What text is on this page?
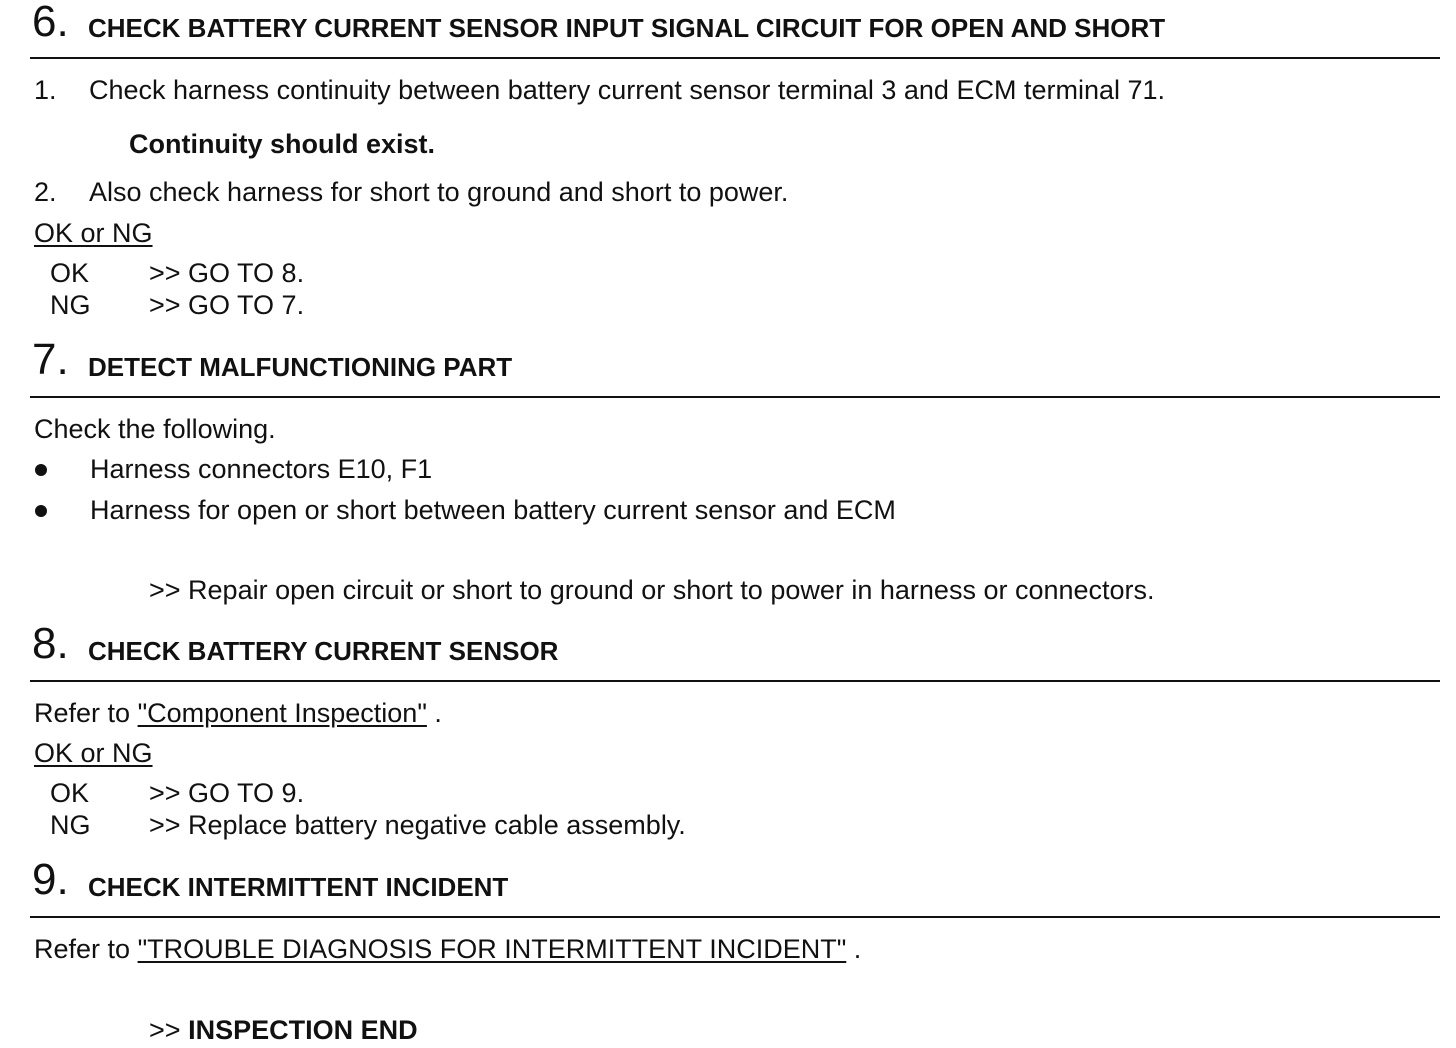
6. CHECK BATTERY CURRENT SENSOR INPUT SIGNAL CIRCUIT FOR OPEN AND SHORT
1. Check harness continuity between battery current sensor terminal 3 and ECM terminal 71.
Continuity should exist.
2. Also check harness for short to ground and short to power.
OK or NG
OK >> GO TO 8.
NG >> GO TO 7.
7. DETECT MALFUNCTIONING PART
Check the following.
Harness connectors E10, F1
Harness for open or short between battery current sensor and ECM
>> Repair open circuit or short to ground or short to power in harness or connectors.
8. CHECK BATTERY CURRENT SENSOR
Refer to "Component Inspection" .
OK or NG
OK >> GO TO 9.
NG >> Replace battery negative cable assembly.
9. CHECK INTERMITTENT INCIDENT
Refer to "TROUBLE DIAGNOSIS FOR INTERMITTENT INCIDENT" .
>> INSPECTION END
